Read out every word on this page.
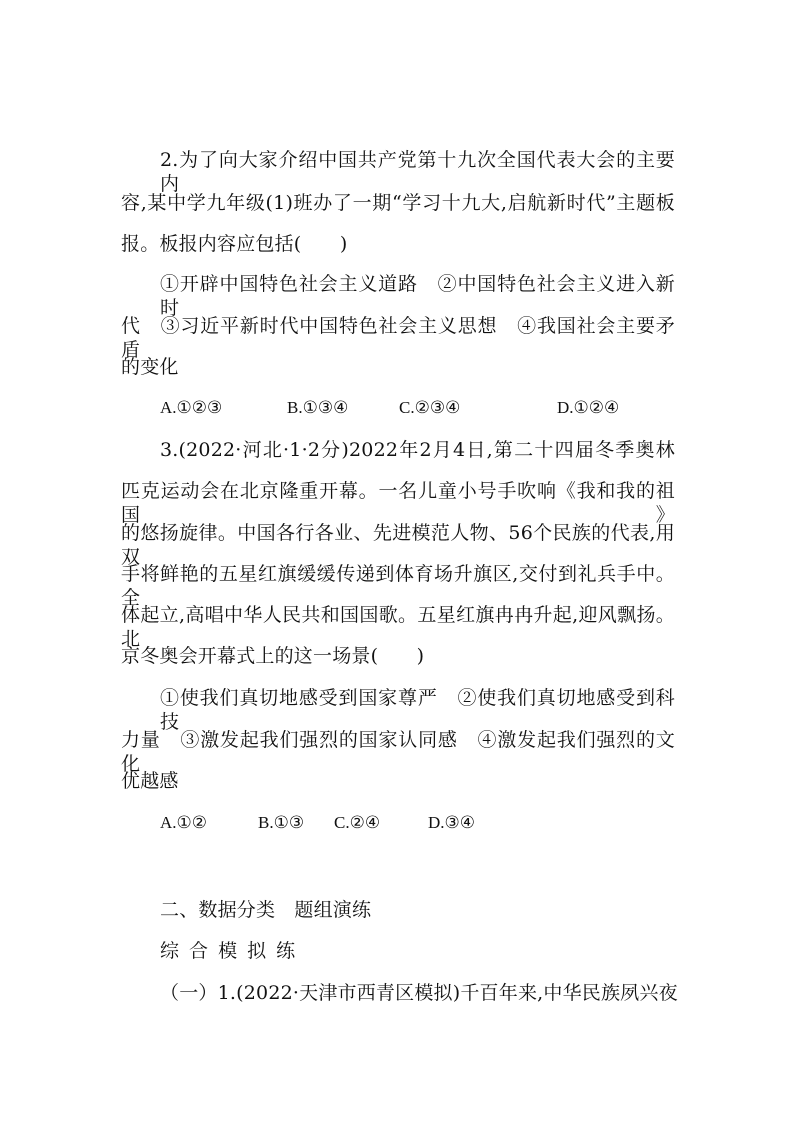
2.为了向大家介绍中国共产党第十九次全国代表大会的主要内
容,某中学九年级(1)班办了一期“学习十九大,启航新时代”主题板
报。板报内容应包括(　　)
①开辟中国特色社会主义道路　②中国特色社会主义进入新时
代　③习近平新时代中国特色社会主义思想　④我国社会主要矛盾
的变化
A.①②③	B.①③④	C.②③④	D.①②④
3.(2022·河北·1·2分)2022年2月4日,第二十四届冬季奥林
匹克运动会在北京隆重开幕。一名儿童小号手吹响《我和我的祖国》
的悠扬旋律。中国各行各业、先进模范人物、56个民族的代表,用双
手将鲜艳的五星红旗缓缓传递到体育场升旗区,交付到礼兵手中。全
体起立,高唱中华人民共和国国歌。五星红旗冉冉升起,迎风飘扬。北
京冬奥会开幕式上的这一场景(　　)
①使我们真切地感受到国家尊严　②使我们真切地感受到科技
力量　③激发起我们强烈的国家认同感　④激发起我们强烈的文化
优越感
A.①②	B.①③ C.②④	D.③④
二、数据分类　题组演练
综 合 模 拟 练
（一）1.(2022·天津市西青区模拟)千百年来,中华民族夙兴夜
